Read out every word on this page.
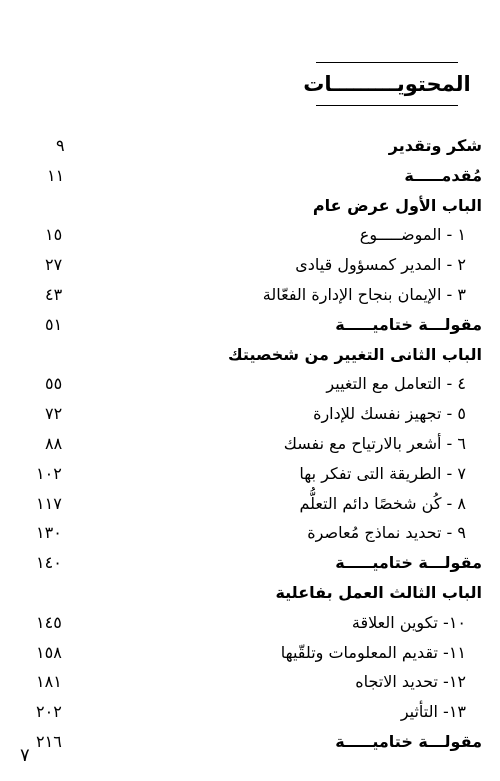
المحتويـــــــــات
شكر وتقدير
٩
مُقدمـــــة
١١
الباب الأول عرض عام
١ - الموضـــــوع
١٥
٢ - المدير كمسؤول قيادى
٢٧
٣ - الإيمان بنجاح الإدارة الفعّالة
٤٣
مقولـــة ختاميـــــة
٥١
الباب الثانى التغيير من شخصيتك
٤ - التعامل مع التغيير
٥٥
٥ - تجهيز نفسك للإدارة
٧٢
٦ - أشعر بالارتياح مع نفسك
٨٨
٧ - الطريقة التى تفكر بها
١٠٢
٨ - كُن شخصًا دائم التعلُّم
١١٧
٩ - تحديد نماذج مُعاصرة
١٣٠
مقولـــة ختاميـــــة
١٤٠
الباب الثالث العمل بفاعلية
١٠- تكوين العلاقة
١٤٥
١١- تقديم المعلومات وتلقّيها
١٥٨
١٢- تحديد الاتجاه
١٨١
١٣- التأثير
٢٠٢
مقولـــة ختاميـــــة
٢١٦
٧
